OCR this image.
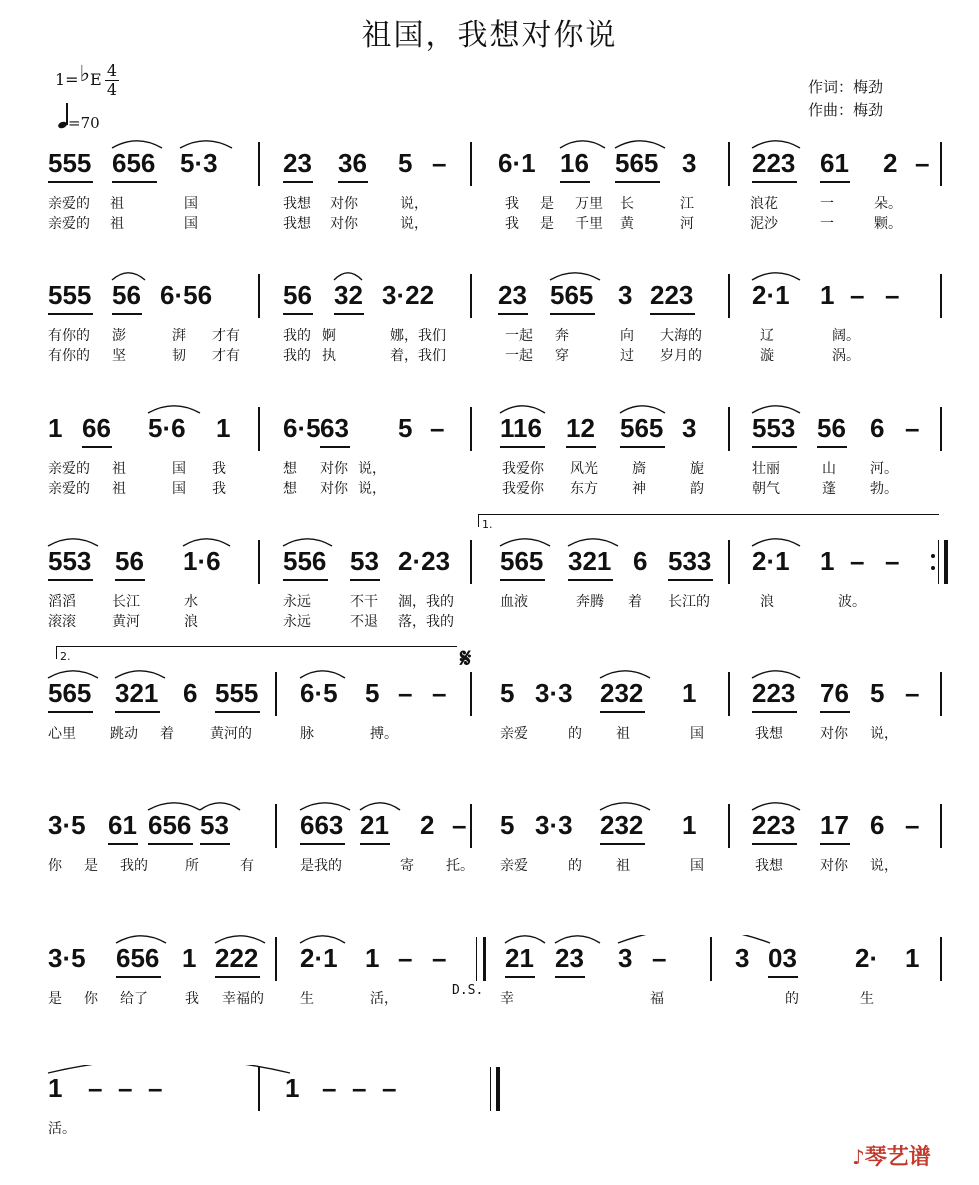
祖国，我想对你说
1=♭E 4
4
=70
作词：梅劲
作曲：梅劲
555 656 5·3	23 36 5 – 6·1 16 565 3 223 61 2 –
亲爱的 祖	国	我想 对你	说，	我 是 万里 长	江	浪花	一	朵。
亲爱的 祖	国	我想 对你	说，	我 是 千里 黄	河	泥沙	一	颗。
555 56 6·56	56 32 3·22 23 565 3 223 2·1 1 – –
有你的 澎	湃 才有	我的 婀	娜，我们	一起 奔	向 大海的	辽	阔。
有你的 坚	韧 才有	我的 执	着，我们	一起 穿	过 岁月的	漩	涡。
1 66 5·6 1 6·5 63 5 – 116 12 565 3 553 56 6 –
亲爱的 祖	国 我	想 对你 说，	我爱你 风光 旖	旎	壮丽	山 河。
亲爱的 祖	国 我	想 对你 说，	我爱你 东方 神	韵	朝气	蓬 勃。
553 56 1·6 556 53 2·23 565 321 6 533 2·1 1 – –
滔滔	长江	水	永远	不干 涸，我的	血液	奔腾 着 长江的	浪	波。
滚滚	黄河	浪	永远	不退 落，我的
1.
565 321 6 555 6·5 5 – – 5 3·3 232 1 223 76 5 –
心里 跳动 着	黄河的	脉	搏。	亲爱	的 祖	国	我想	对你 说，
2.	𝄋
3·5 61 656 53	663 21 2 – 5 3·3 232 1 223 17 6 –
你 是 我的	所	有	是我的	寄 托。 亲爱	的 祖	国	我想	对你 说，
3·5 656 1 222 2·1 1 – – 21 23 3 –	3 03 2· 1
是 你 给了	我 幸福的	生	活，	幸	福	的	生
D.S.
1 – – –	1 – – –
活。
♪琴艺谱
